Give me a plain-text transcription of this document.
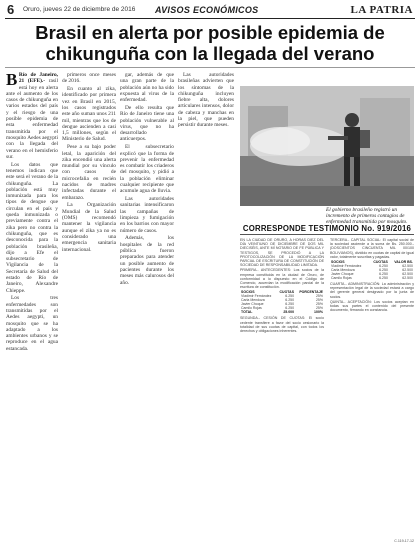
6 Oruro, jueves 22 de diciembre de 2016 AVISOS ECONÓMICOS	LA PATRIA
Brasil en alerta por posible epidemia de chikunguña con la llegada del verano
B Río de Janeiro, 21 (EFE).- rasil está hoy en alerta ante el aumento de los casos de chikunguña en varios estados del país y el riesgo de una posible epidemia de esta enfermedad transmitida por el mosquito Aedes aegypti con la llegada del verano en el hemisferio sur.

Los datos que tenemos indican que este será el verano de la chikunguña. La población está muy inmunizada para los tipos de dengue que circulan en el país y queda inmunizada o previamente contra el zika pero no contra la chikunguña, que es desconocida para la población brasileña, dijo a Efe el subsecretario de Vigilancia de la Secretaría de Salud del estado de Río de Janeiro, Alexandre Chieppe.

Los tres enfermedades son transmitidas por el Aedes aegypti, un mosquito que se ha adaptado a los ambientes urbanos y se reproduce en el agua estancada.

primeros once meses de 2016.

En cuanto al zika, identificado por primera vez en Brasil en 2015, los casos registrados este año suman unos 211 mil, mientras que los de dengue ascienden a casi 1,5 millones, según el Ministerio de Salud.

Pese a su bajo poder letal, la aparición del zika encendió una alerta mundial por su vínculo con casos de microcefalia en recién nacidos de madres infectadas durante el embarazo.

La Organización Mundial de la Salud (OMS) recomendó mantener la vigilancia aunque el zika ya no es considerado una emergencia sanitaria internacional.

gar, además de que una gran parte de la población aún no ha sido expuesta al virus de la enfermedad.

De ello resulta que Río de Janeiro tiene una población vulnerable al virus, que no ha desarrollado anticuerpos.

El subsecretario explicó que la forma de prevenir la enfermedad es combatir los criaderos del mosquito, y pidió a la población eliminar cualquier recipiente que acumule agua de lluvia.

Las autoridades sanitarias intensificaron las campañas de limpieza y fumigación en los barrios con mayor número de casos.

Además, los hospitales de la red pública fueron preparados para atender un posible aumento de pacientes durante los meses más calurosos del año.

Las autoridades brasileñas advierten que los síntomas de la chikunguña incluyen fiebre alta, dolores articulares intensos, dolor de cabeza y manchas en la piel, que pueden persistir durante meses.

El gobierno brasileño registró un incremento de primeros contagios de enfermedad transmitida por mosquito.
CORRESPONDE TESTIMONIO No. 919/2016

EN LA CIUDAD DE ORURO, A HORAS DIEZ DEL DÍA VEINTIUNO DE DICIEMBRE DE DOS MIL DIECISÉIS, ANTE MÍ NOTARIO DE FE PÚBLICA Y TESTIGOS, SE PROCEDIÓ A LA PROTOCOLIZACIÓN DE LA MODIFICACIÓN PARCIAL DE ESCRITURA DE CONSTITUCIÓN DE SOCIEDAD DE RESPONSABILIDAD LIMITADA.

PRIMERA.- ANTECEDENTES: Los socios de la empresa constituida en la ciudad de Oruro, de conformidad a lo dispuesto en el Código de Comercio, acuerdan la modificación parcial de la escritura de constitución.

SOCIOS	CUOTAS	PORCENTAJE
Vladimir Fernández	6.250	25%
Carla Mendoza	6.250	25%
Javier Choque	6.250	25%
Camilo Rojas	6.250	25%
TOTAL	25.000	100%

SEGUNDA.- CESIÓN DE CUOTAS: El socio cedente transfiere a favor del socio cesionario la totalidad de sus cuotas de capital, con todos los derechos y obligaciones inherentes.

TERCERA.- CAPITAL SOCIAL: El capital social de la sociedad asciende a la suma de Bs. 250.000.- (DOSCIENTOS CINCUENTA MIL 00/100 BOLIVIANOS), dividido en cuotas de capital de igual valor, totalmente suscritas y pagadas.

SOCIOS	CUOTAS	VALOR BS.
Vladimir Fernández	6.250	62.500
Carla Mendoza	6.250	62.500
Javier Choque	6.250	62.500
Camilo Rojas	6.250	62.500

CUARTA.- ADMINISTRACIÓN: La administración y representación legal de la sociedad estará a cargo del gerente general designado por la junta de socios.

QUINTA.- ACEPTACIÓN: Los socios aceptan en todas sus partes el contenido del presente documento, firmando en constancia.

C.119-17-12
